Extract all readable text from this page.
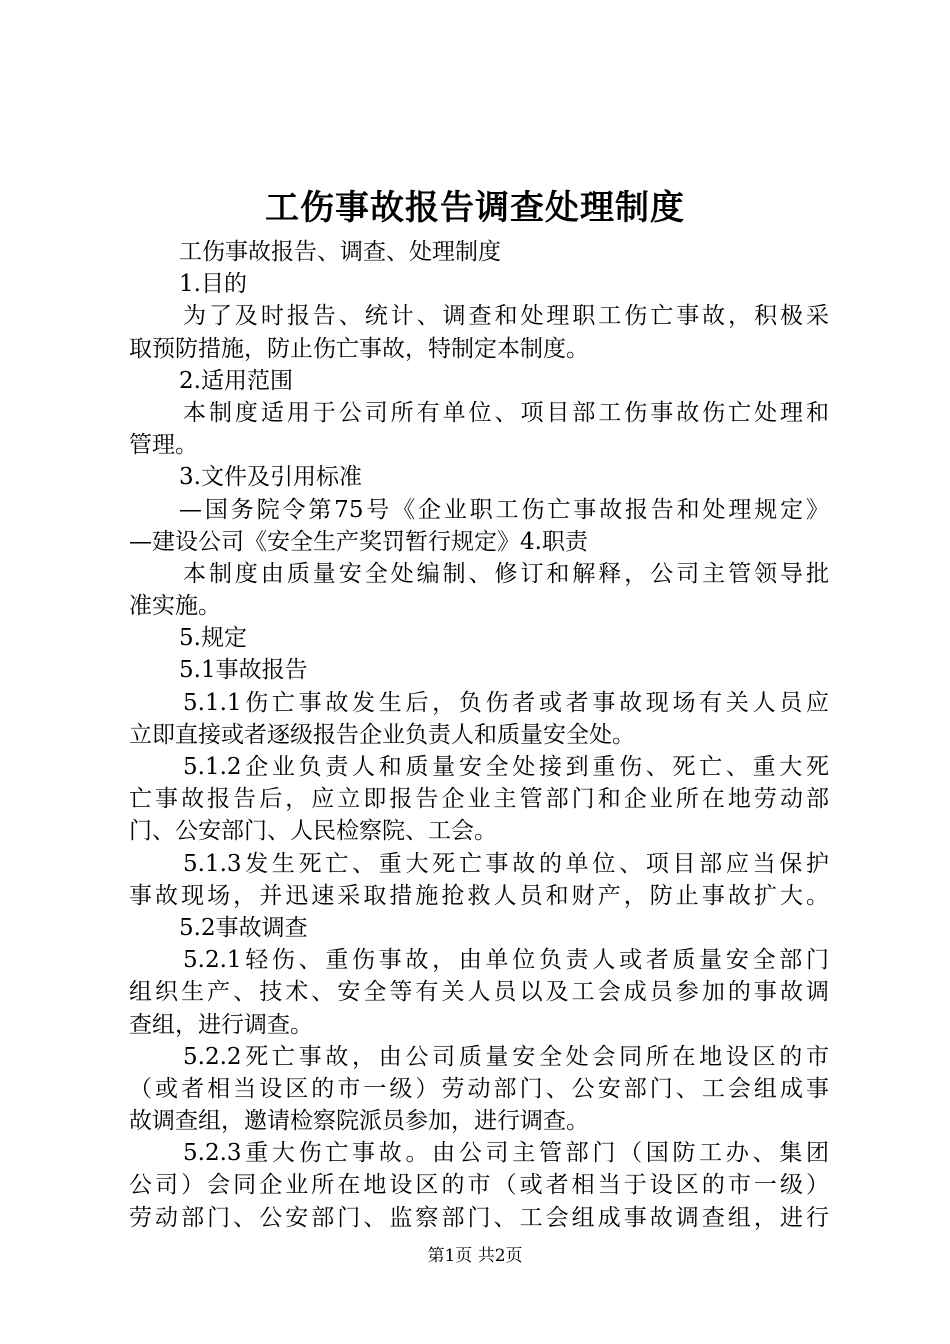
工伤事故报告调查处理制度
工伤事故报告、调查、处理制度
1.目的
为了及时报告、统计、调查和处理职工伤亡事故，积极采
取预防措施，防止伤亡事故，特制定本制度。
2.适用范围
本制度适用于公司所有单位、项目部工伤事故伤亡处理和
管理。
3.文件及引用标准
—国务院令第75号《企业职工伤亡事故报告和处理规定》
—建设公司《安全生产奖罚暂行规定》4.职责
本制度由质量安全处编制、修订和解释，公司主管领导批
准实施。
5.规定
5.1事故报告
5.1.1伤亡事故发生后，负伤者或者事故现场有关人员应
立即直接或者逐级报告企业负责人和质量安全处。
5.1.2企业负责人和质量安全处接到重伤、死亡、重大死
亡事故报告后，应立即报告企业主管部门和企业所在地劳动部
门、公安部门、人民检察院、工会。
5.1.3发生死亡、重大死亡事故的单位、项目部应当保护
事故现场，并迅速采取措施抢救人员和财产，防止事故扩大。
5.2事故调查
5.2.1轻伤、重伤事故，由单位负责人或者质量安全部门
组织生产、技术、安全等有关人员以及工会成员参加的事故调
查组，进行调查。
5.2.2死亡事故，由公司质量安全处会同所在地设区的市
（或者相当设区的市一级）劳动部门、公安部门、工会组成事
故调查组，邀请检察院派员参加，进行调查。
5.2.3重大伤亡事故。由公司主管部门（国防工办、集团
公司）会同企业所在地设区的市（或者相当于设区的市一级）
劳动部门、公安部门、监察部门、工会组成事故调查组，进行
第1页 共2页
